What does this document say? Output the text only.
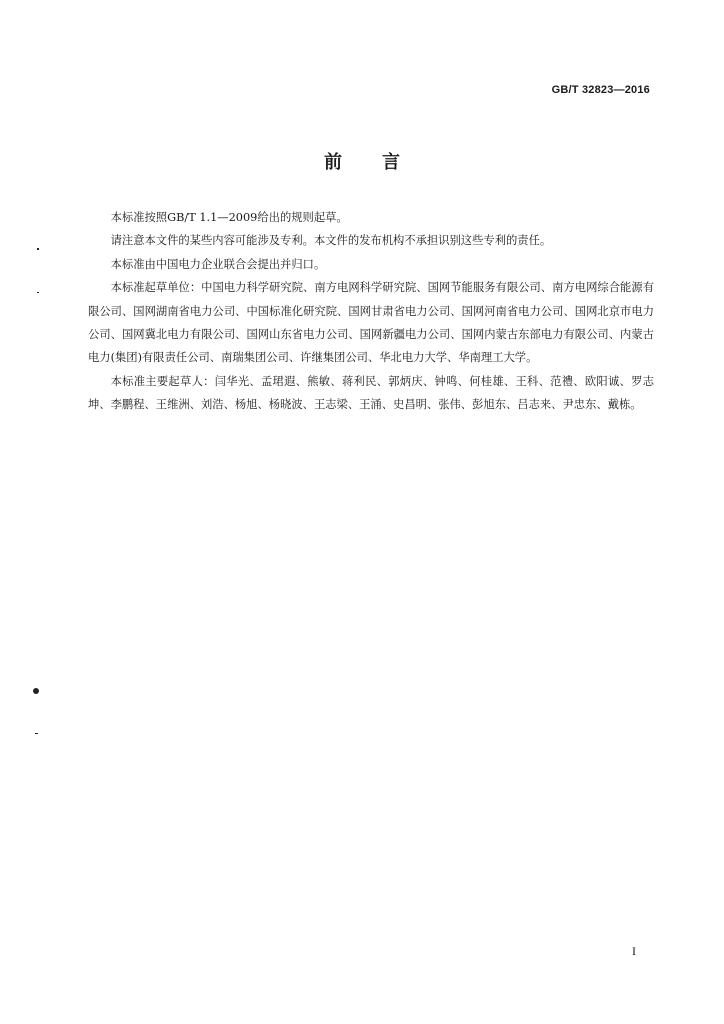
GB/T 32823—2016
前言

本标准按照GB/T 1.1—2009给出的规则起草。

请注意本文件的某些内容可能涉及专利。本文件的发布机构不承担识别这些专利的责任。

本标准由中国电力企业联合会提出并归口。

本标准起草单位：中国电力科学研究院、南方电网科学研究院、国网节能服务有限公司、南方电网综合能源有限公司、国网湖南省电力公司、中国标准化研究院、国网甘肃省电力公司、国网河南省电力公司、国网北京市电力公司、国网冀北电力有限公司、国网山东省电力公司、国网新疆电力公司、国网内蒙古东部电力有限公司、内蒙古电力(集团)有限责任公司、南瑞集团公司、许继集团公司、华北电力大学、华南理工大学。

本标准主要起草人：闫华光、孟珺遐、熊敏、蒋利民、郭炳庆、钟鸣、何桂雄、王科、范禮、欧阳诚、罗志坤、李鹏程、王维洲、刘浩、杨旭、杨晓波、王志梁、王涌、史昌明、张伟、彭旭东、吕志来、尹忠东、戴栋。

I
